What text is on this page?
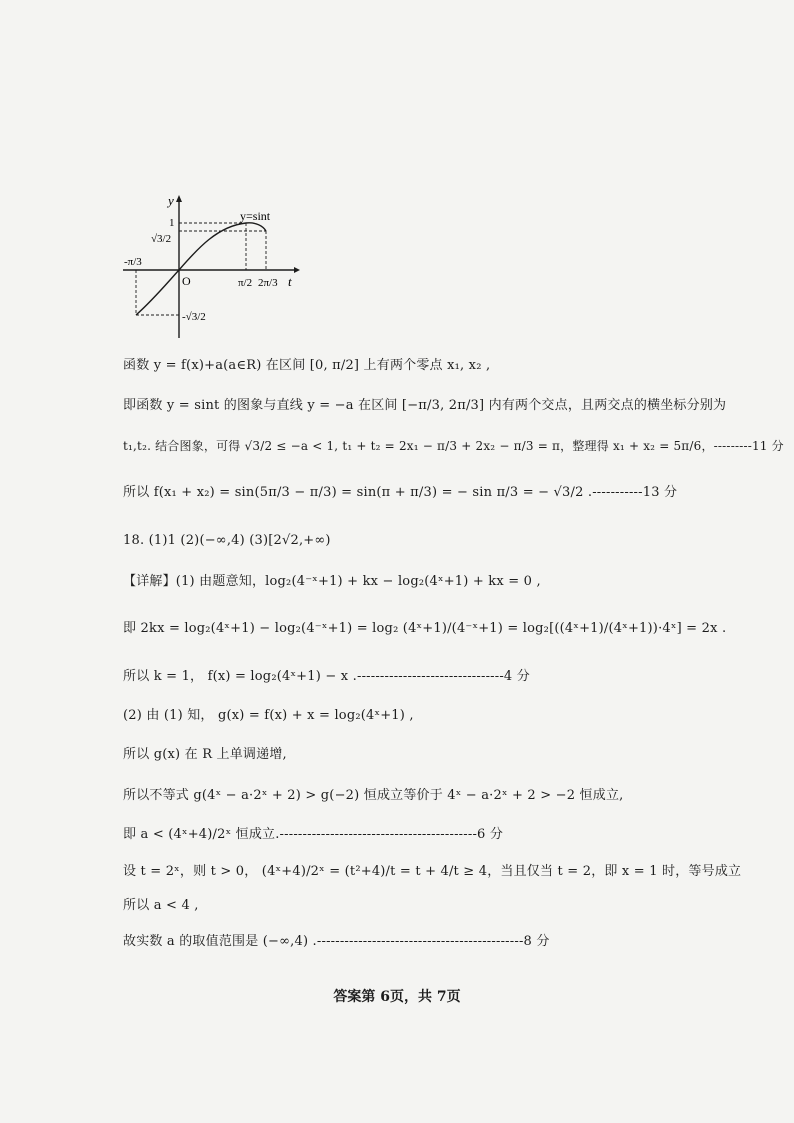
y
t
O
y=sint
1
√3/2
-√3/2
-π/3
π/2 2π/3
函数 y = f(x)+a(a∈R) 在区间 [0, π/2] 上有两个零点 x₁, x₂ ,
即函数 y = sint 的图象与直线 y = −a 在区间 [−π/3, 2π/3] 内有两个交点，且两交点的横坐标分别为
t₁,t₂. 结合图象，可得 √3/2 ≤ −a < 1, t₁ + t₂ = 2x₁ − π/3 + 2x₂ − π/3 = π，整理得 x₁ + x₂ = 5π/6，---------11 分
所以 f(x₁ + x₂) = sin(5π/3 − π/3) = sin(π + π/3) = − sin π/3 = − √3/2 .-----------13 分
18. (1)1 (2)(−∞,4) (3)[2√2,+∞)
【详解】(1) 由题意知，log₂(4⁻ˣ+1) + kx − log₂(4ˣ+1) + kx = 0 ,
即 2kx = log₂(4ˣ+1) − log₂(4⁻ˣ+1) = log₂ (4ˣ+1)/(4⁻ˣ+1) = log₂[((4ˣ+1)/(4ˣ+1))·4ˣ] = 2x .
所以 k = 1， f(x) = log₂(4ˣ+1) − x .--------------------------------4 分
(2) 由 (1) 知， g(x) = f(x) + x = log₂(4ˣ+1) ,
所以 g(x) 在 R 上单调递增,
所以不等式 g(4ˣ − a·2ˣ + 2) > g(−2) 恒成立等价于 4ˣ − a·2ˣ + 2 > −2 恒成立,
即 a < (4ˣ+4)/2ˣ 恒成立.-------------------------------------------6 分
设 t = 2ˣ，则 t > 0， (4ˣ+4)/2ˣ = (t²+4)/t = t + 4/t ≥ 4，当且仅当 t = 2，即 x = 1 时，等号成立
所以 a < 4 ,
故实数 a 的取值范围是 (−∞,4) .---------------------------------------------8 分
答案第 6页，共 7页
